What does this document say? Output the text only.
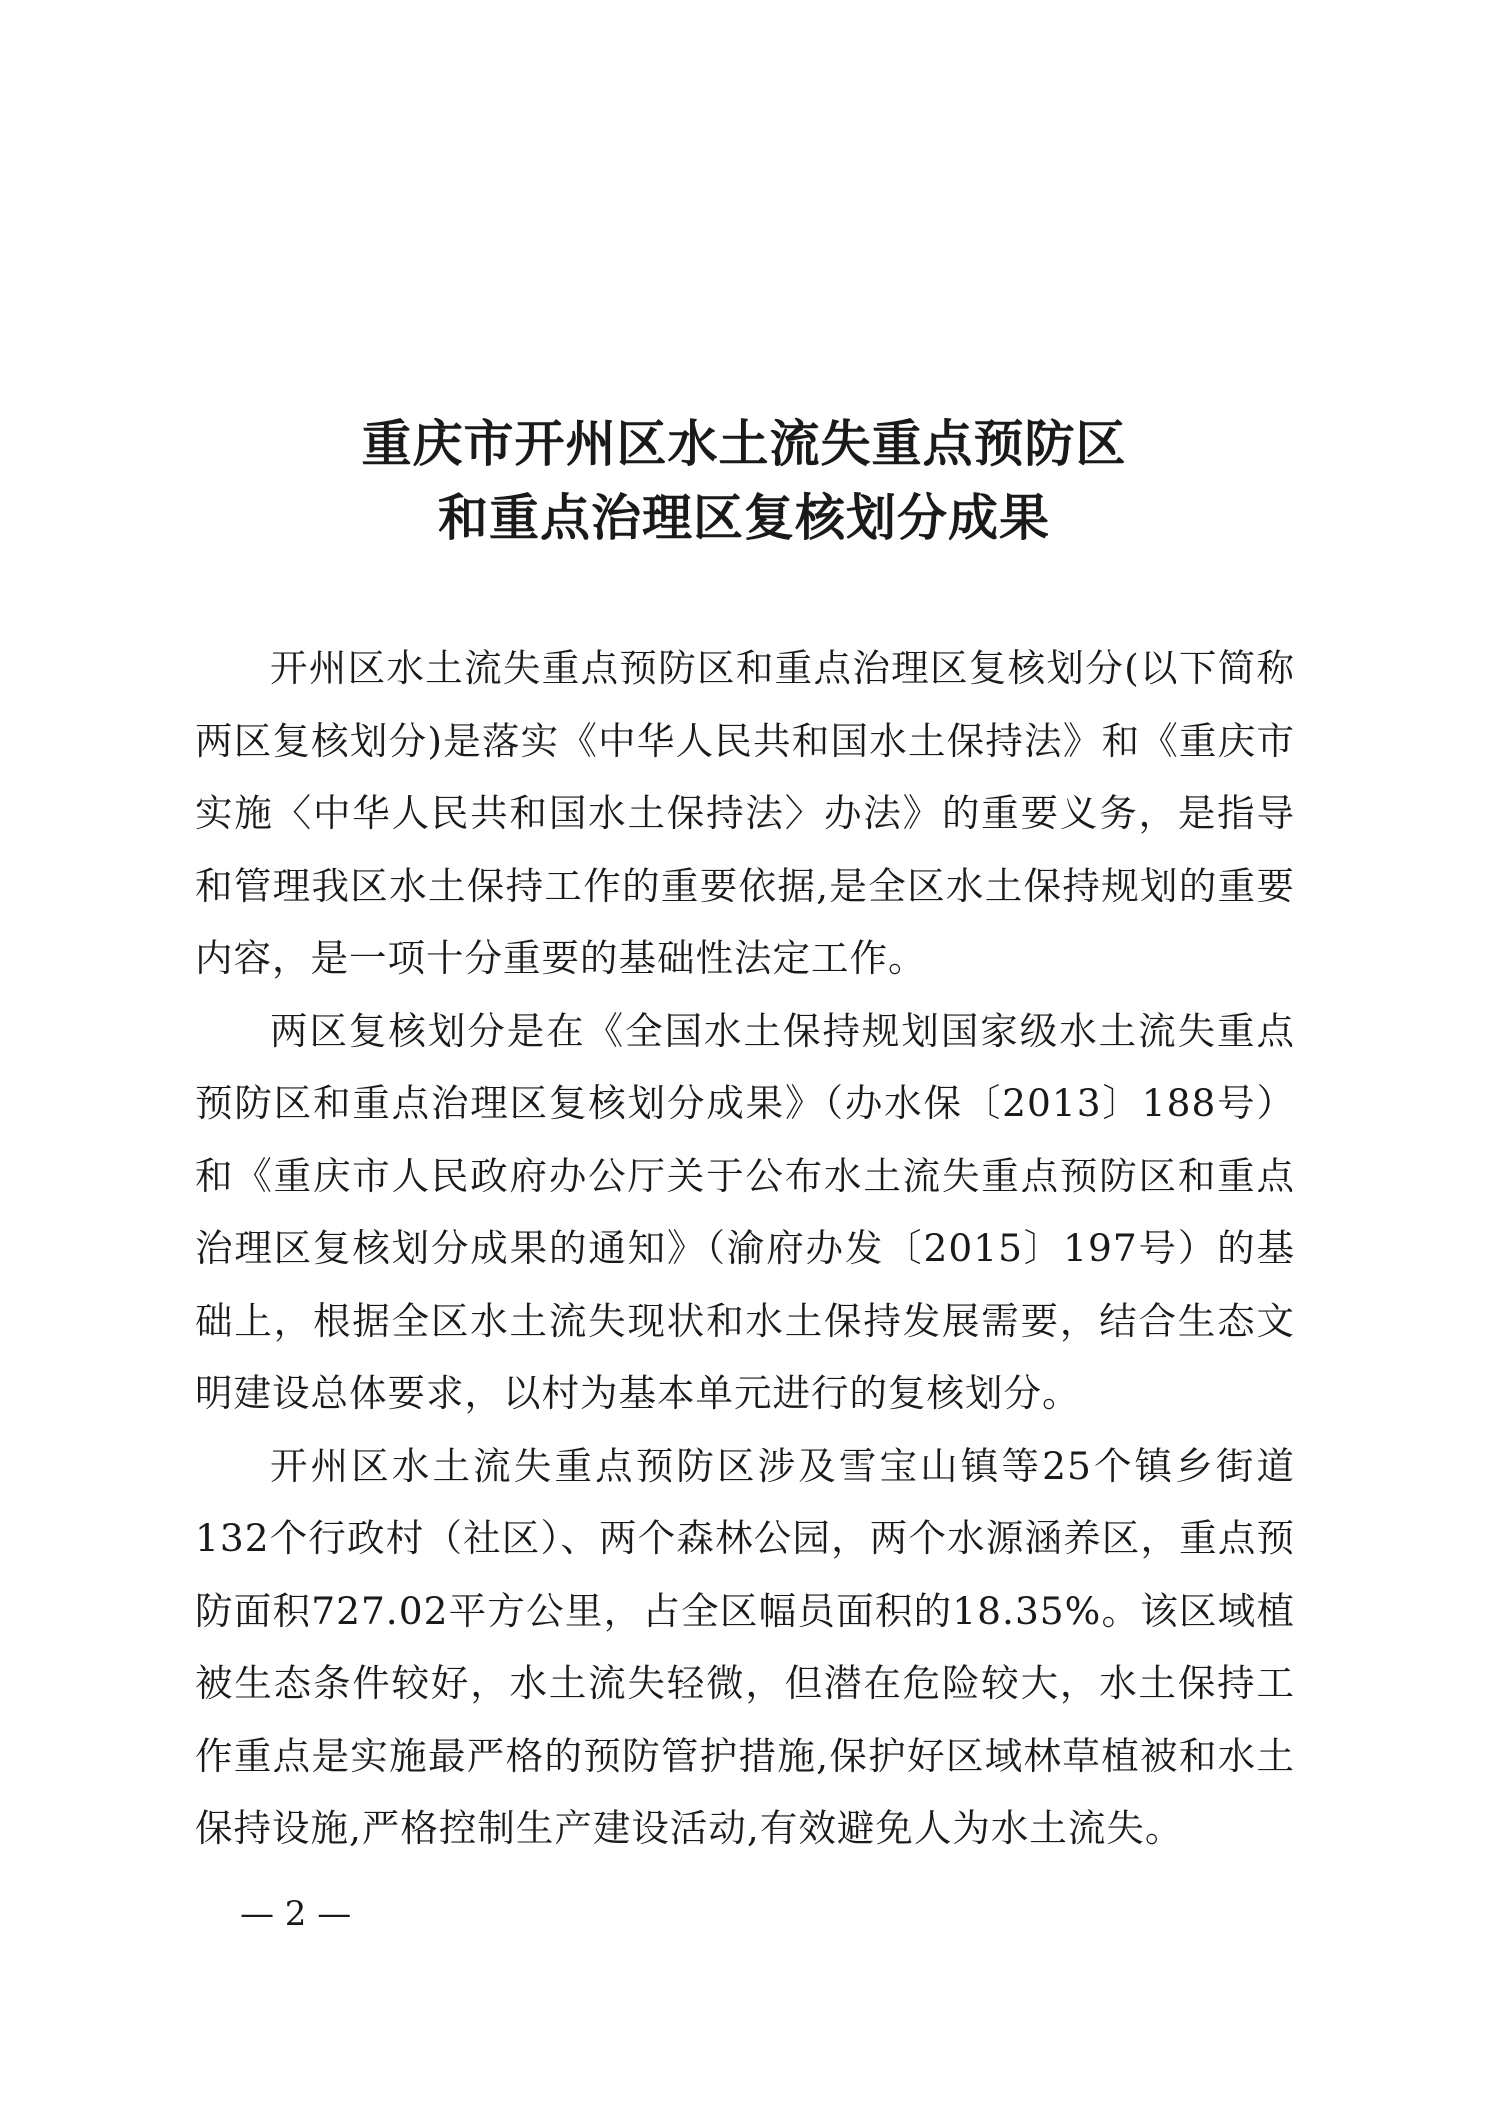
重庆市开州区水土流失重点预防区
和重点治理区复核划分成果

开州区水土流失重点预防区和重点治理区复核划分(以下简称两区复核划分)是落实《中华人民共和国水土保持法》和《重庆市实施〈中华人民共和国水土保持法〉办法》的重要义务，是指导和管理我区水土保持工作的重要依据,是全区水土保持规划的重要内容，是一项十分重要的基础性法定工作。

两区复核划分是在《全国水土保持规划国家级水土流失重点预防区和重点治理区复核划分成果》（办水保〔2013〕188号）和《重庆市人民政府办公厅关于公布水土流失重点预防区和重点治理区复核划分成果的通知》（渝府办发〔2015〕197号）的基础上，根据全区水土流失现状和水土保持发展需要，结合生态文明建设总体要求，以村为基本单元进行的复核划分。

开州区水土流失重点预防区涉及雪宝山镇等25个镇乡街道132个行政村（社区）、两个森林公园，两个水源涵养区，重点预防面积727.02平方公里，占全区幅员面积的18.35%。该区域植被生态条件较好，水土流失轻微，但潜在危险较大，水土保持工作重点是实施最严格的预防管护措施,保护好区域林草植被和水土保持设施,严格控制生产建设活动,有效避免人为水土流失。

— 2 —
